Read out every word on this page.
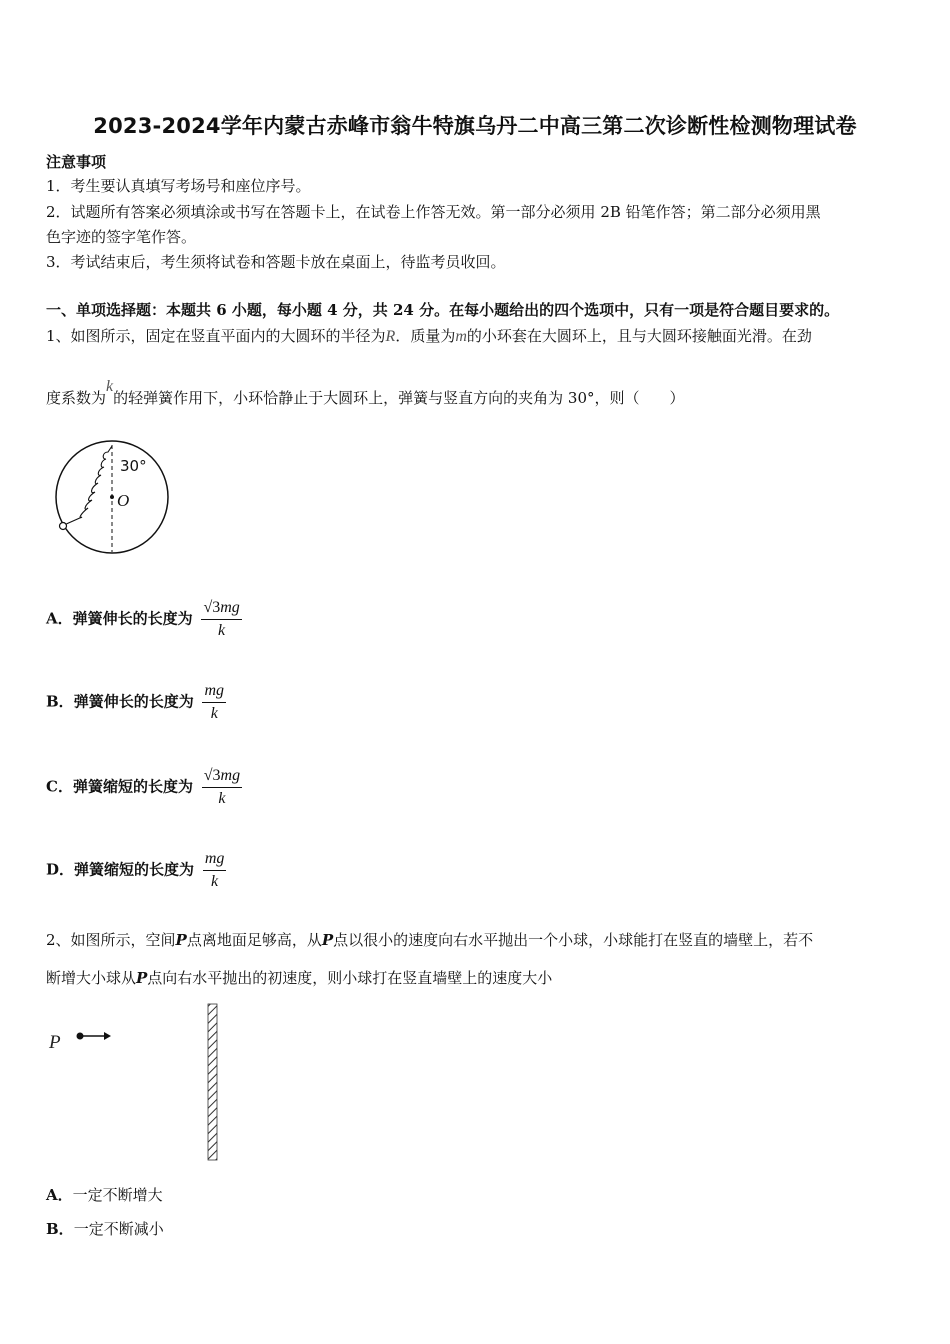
2023-2024学年内蒙古赤峰市翁牛特旗乌丹二中高三第二次诊断性检测物理试卷
注意事项
1．考生要认真填写考场号和座位序号。
2．试题所有答案必须填涂或书写在答题卡上，在试卷上作答无效。第一部分必须用 2B 铅笔作答；第二部分必须用黑
色字迹的签字笔作答。
3．考试结束后，考生须将试卷和答题卡放在桌面上，待监考员收回。
一、单项选择题：本题共 6 小题，每小题 4 分，共 24 分。在每小题给出的四个选项中，只有一项是符合题目要求的。
1、如图所示，固定在竖直平面内的大圆环的半径为R．质量为m的小环套在大圆环上，且与大圆环接触面光滑。在劲
度系数为k的轻弹簧作用下，小环恰静止于大圆环上，弹簧与竖直方向的夹角为 30°，则（　　）
30°
O
A．弹簧伸长的长度为 $\frac{√3mg}{k}$
B．弹簧伸长的长度为 $\frac{mg}{k}$
C．弹簧缩短的长度为 $\frac{√3mg}{k}$
D．弹簧缩短的长度为 $\frac{mg}{k}$
2、如图所示，空间P点离地面足够高，从P点以很小的速度向右水平抛出一个小球，小球能打在竖直的墙壁上，若不
断增大小球从P点向右水平抛出的初速度，则小球打在竖直墙壁上的速度大小
P
A．一定不断增大
B．一定不断减小
